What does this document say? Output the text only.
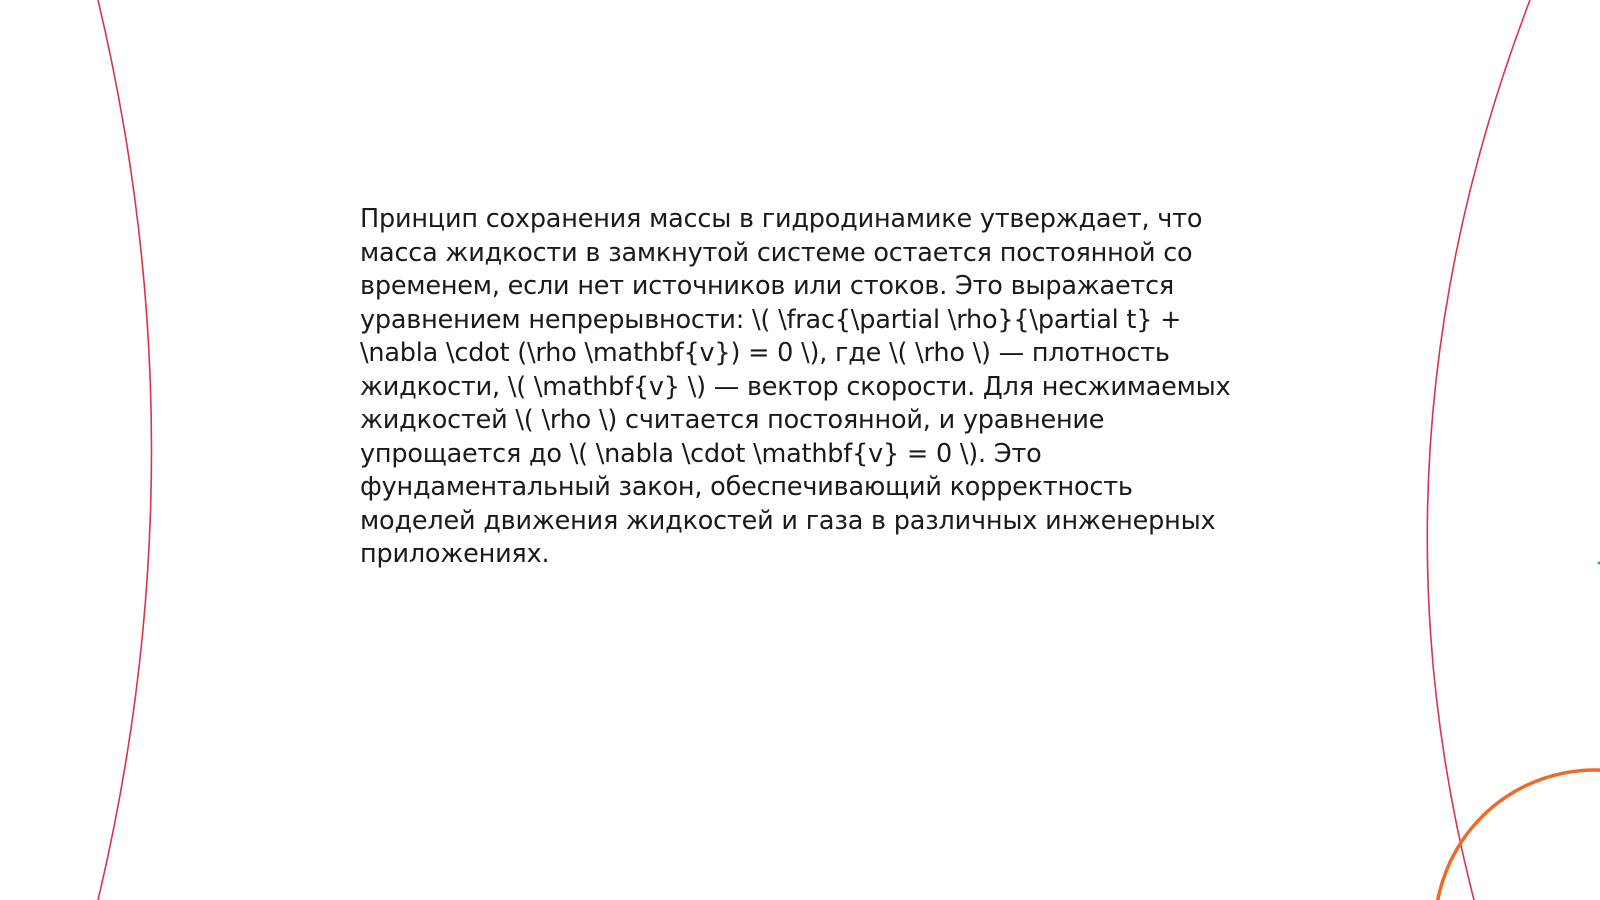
Принцип сохранения массы в гидродинамике утверждает, что масса жидкости в замкнутой системе остается постоянной со временем, если нет источников или стоков. Это выражается уравнением непрерывности: \( \frac{\partial \rho}{\partial t} + \nabla \cdot (\rho \mathbf{v}) = 0 \), где \( \rho \) — плотность жидкости, \( \mathbf{v} \) — вектор скорости. Для несжимаемых жидкостей \( \rho \) считается постоянной, и уравнение упрощается до \( \nabla \cdot \mathbf{v} = 0 \). Это фундаментальный закон, обеспечивающий корректность моделей движения жидкостей и газа в различных инженерных приложениях.
